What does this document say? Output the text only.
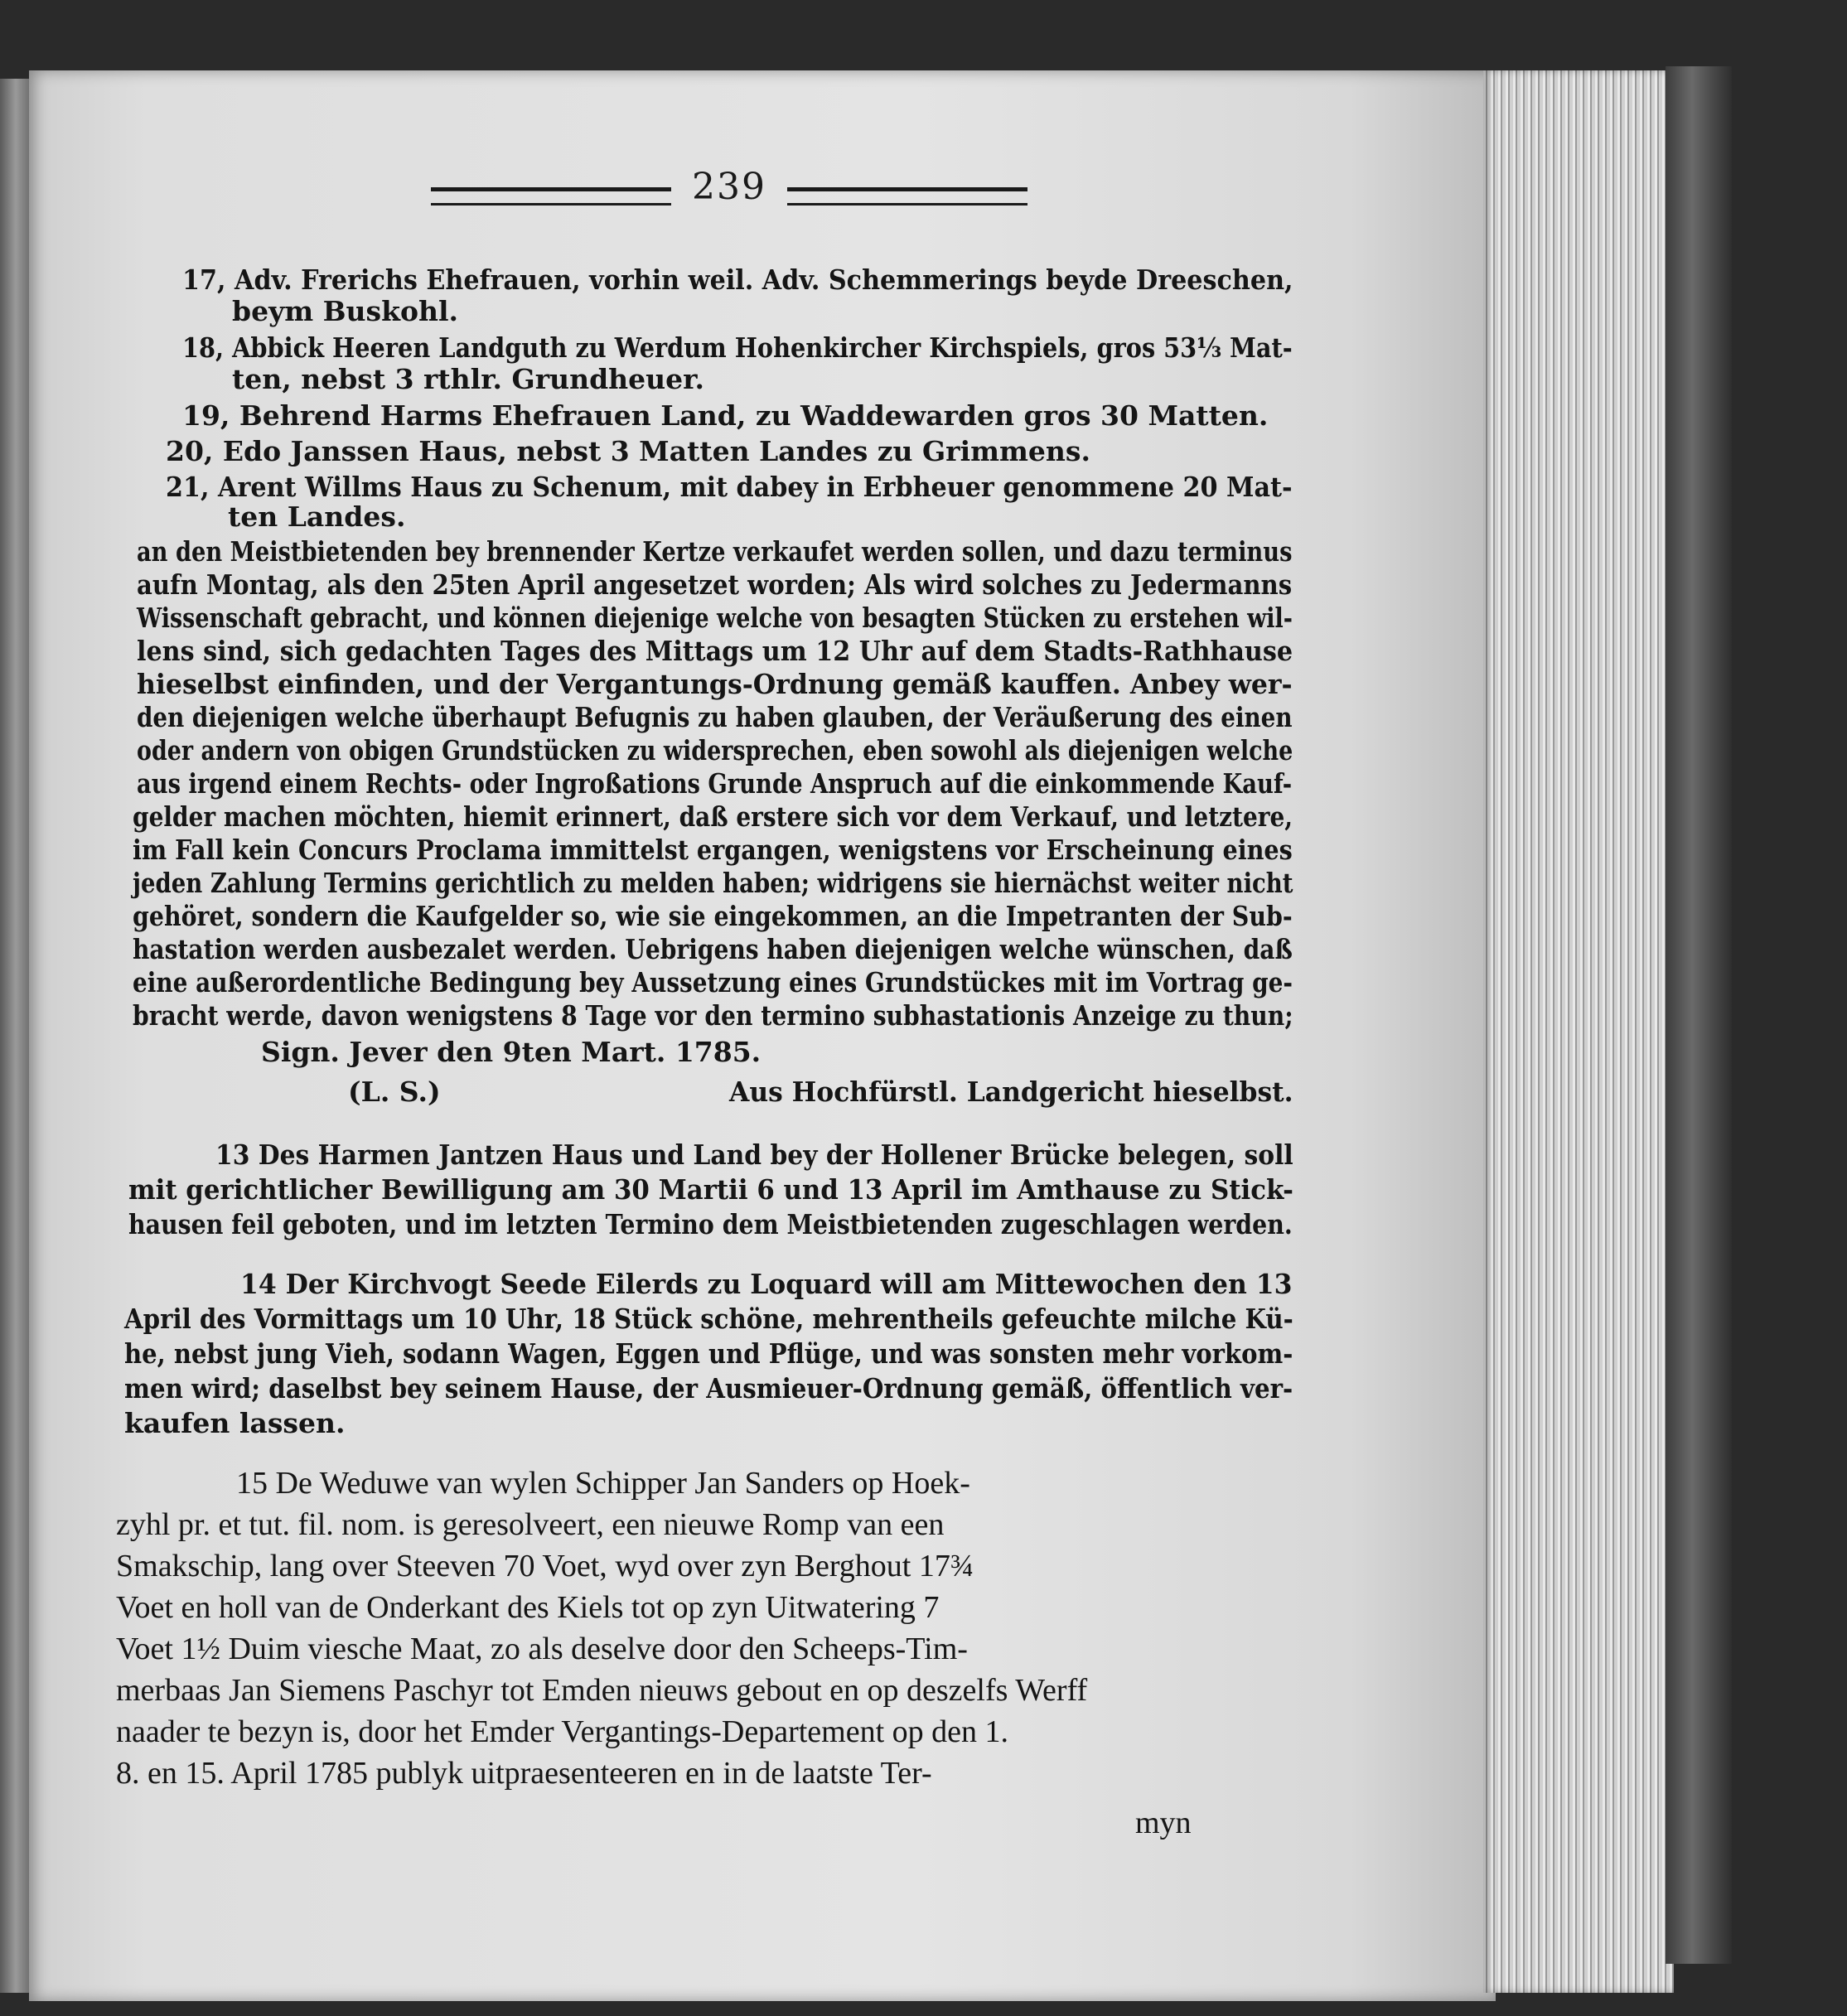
239
17, Adv. Frerichs Ehefrauen, vorhin weil. Adv. Schemmerings beyde Dreeschen,
beym Buskohl.
18, Abbick Heeren Landguth zu Werdum Hohenkircher Kirchspiels, gros 53⅓ Mat-
ten, nebst 3 rthlr. Grundheuer.
19, Behrend Harms Ehefrauen Land, zu Waddewarden gros 30 Matten.
20, Edo Janssen Haus, nebst 3 Matten Landes zu Grimmens.
21, Arent Willms Haus zu Schenum, mit dabey in Erbheuer genommene 20 Mat-
ten Landes.
an den Meistbietenden bey brennender Kertze verkaufet werden sollen, und dazu terminus
aufn Montag, als den 25ten April angesetzet worden; Als wird solches zu Jedermanns
Wissenschaft gebracht, und können diejenige welche von besagten Stücken zu erstehen wil-
lens sind, sich gedachten Tages des Mittags um 12 Uhr auf dem Stadts-Rathhause
hieselbst einfinden, und der Vergantungs-Ordnung gemäß kauffen. Anbey wer-
den diejenigen welche überhaupt Befugnis zu haben glauben, der Veräußerung des einen
oder andern von obigen Grundstücken zu widersprechen, eben sowohl als diejenigen welche
aus irgend einem Rechts- oder Ingroßations Grunde Anspruch auf die einkommende Kauf-
gelder machen möchten, hiemit erinnert, daß erstere sich vor dem Verkauf, und letztere,
im Fall kein Concurs Proclama immittelst ergangen, wenigstens vor Erscheinung eines
jeden Zahlung Termins gerichtlich zu melden haben; widrigens sie hiernächst weiter nicht
gehöret, sondern die Kaufgelder so, wie sie eingekommen, an die Impetranten der Sub-
hastation werden ausbezalet werden. Uebrigens haben diejenigen welche wünschen, daß
eine außerordentliche Bedingung bey Aussetzung eines Grundstückes mit im Vortrag ge-
bracht werde, davon wenigstens 8 Tage vor den termino subhastationis Anzeige zu thun;
Sign. Jever den 9ten Mart. 1785.
(L. S.)	Aus Hochfürstl. Landgericht hieselbst.
13 Des Harmen Jantzen Haus und Land bey der Hollener Brücke belegen, soll
mit gerichtlicher Bewilligung am 30 Martii 6 und 13 April im Amthause zu Stick-
hausen feil geboten, und im letzten Termino dem Meistbietenden zugeschlagen werden.
14 Der Kirchvogt Seede Eilerds zu Loquard will am Mittewochen den 13
April des Vormittags um 10 Uhr, 18 Stück schöne, mehrentheils gefeuchte milche Kü-
he, nebst jung Vieh, sodann Wagen, Eggen und Pflüge, und was sonsten mehr vorkom-
men wird; daselbst bey seinem Hause, der Ausmieuer-Ordnung gemäß, öffentlich ver-
kaufen lassen.
15 De Weduwe van wylen Schipper Jan Sanders op Hoek-
zyhl pr. et tut. fil. nom. is geresolveert, een nieuwe Romp van een
Smakschip, lang over Steeven 70 Voet, wyd over zyn Berghout 17¾
Voet en holl van de Onderkant des Kiels tot op zyn Uitwatering 7
Voet 1½ Duim viesche Maat, zo als deselve door den Scheeps-Tim-
merbaas Jan Siemens Paschyr tot Emden nieuws gebout en op deszelfs Werff
naader te bezyn is, door het Emder Vergantings-Departement op den 1.
8. en 15. April 1785 publyk uitpraesenteeren en in de laatste Ter-
myn
